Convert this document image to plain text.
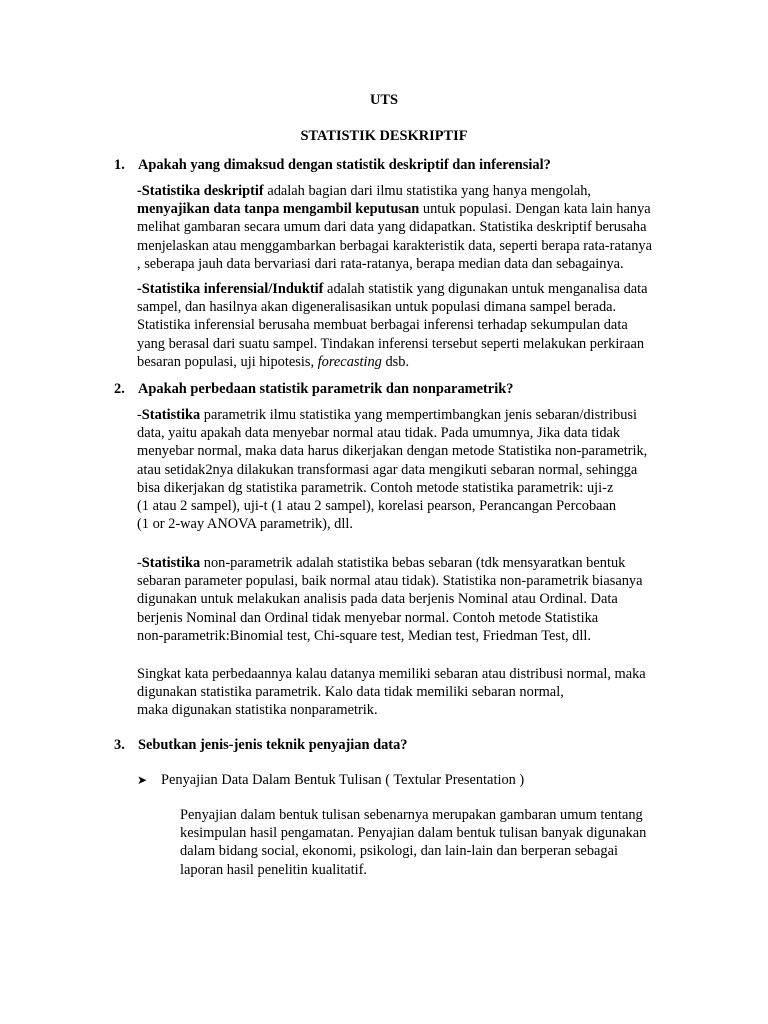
UTS
STATISTIK DESKRIPTIF
1. Apakah yang dimaksud dengan statistik deskriptif dan inferensial?
-Statistika deskriptif adalah bagian dari ilmu statistika yang hanya mengolah,
menyajikan data tanpa mengambil keputusan untuk populasi. Dengan kata lain hanya
melihat gambaran secara umum dari data yang didapatkan. Statistika deskriptif berusaha
menjelaskan atau menggambarkan berbagai karakteristik data, seperti berapa rata-ratanya
, seberapa jauh data bervariasi dari rata-ratanya, berapa median data dan sebagainya.
-Statistika inferensial/Induktif adalah statistik yang digunakan untuk menganalisa data
sampel, dan hasilnya akan digeneralisasikan untuk populasi dimana sampel berada.
Statistika inferensial berusaha membuat berbagai inferensi terhadap sekumpulan data
yang berasal dari suatu sampel. Tindakan inferensi tersebut seperti melakukan perkiraan
besaran populasi, uji hipotesis, forecasting dsb.
2. Apakah perbedaan statistik parametrik dan nonparametrik?
-Statistika parametrik ilmu statistika yang mempertimbangkan jenis sebaran/distribusi
data, yaitu apakah data menyebar normal atau tidak. Pada umumnya, Jika data tidak
menyebar normal, maka data harus dikerjakan dengan metode Statistika non-parametrik,
atau setidak2nya dilakukan transformasi agar data mengikuti sebaran normal, sehingga
bisa dikerjakan dg statistika parametrik. Contoh metode statistika parametrik: uji-z
(1 atau 2 sampel), uji-t (1 atau 2 sampel), korelasi pearson, Perancangan Percobaan
(1 or 2-way ANOVA parametrik), dll.
-Statistika non-parametrik adalah statistika bebas sebaran (tdk mensyaratkan bentuk
sebaran parameter populasi, baik normal atau tidak). Statistika non-parametrik biasanya
digunakan untuk melakukan analisis pada data berjenis Nominal atau Ordinal. Data
berjenis Nominal dan Ordinal tidak menyebar normal. Contoh metode Statistika
non-parametrik:Binomial test, Chi-square test, Median test, Friedman Test, dll.
Singkat kata perbedaannya kalau datanya memiliki sebaran atau distribusi normal, maka
digunakan statistika parametrik. Kalo data tidak memiliki sebaran normal,
maka digunakan statistika nonparametrik.
3. Sebutkan jenis-jenis teknik penyajian data?
➤ Penyajian Data Dalam Bentuk Tulisan ( Textular Presentation )
Penyajian dalam bentuk tulisan sebenarnya merupakan gambaran umum tentang
kesimpulan hasil pengamatan. Penyajian dalam bentuk tulisan banyak digunakan
dalam bidang social, ekonomi, psikologi, dan lain-lain dan berperan sebagai
laporan hasil penelitin kualitatif.
